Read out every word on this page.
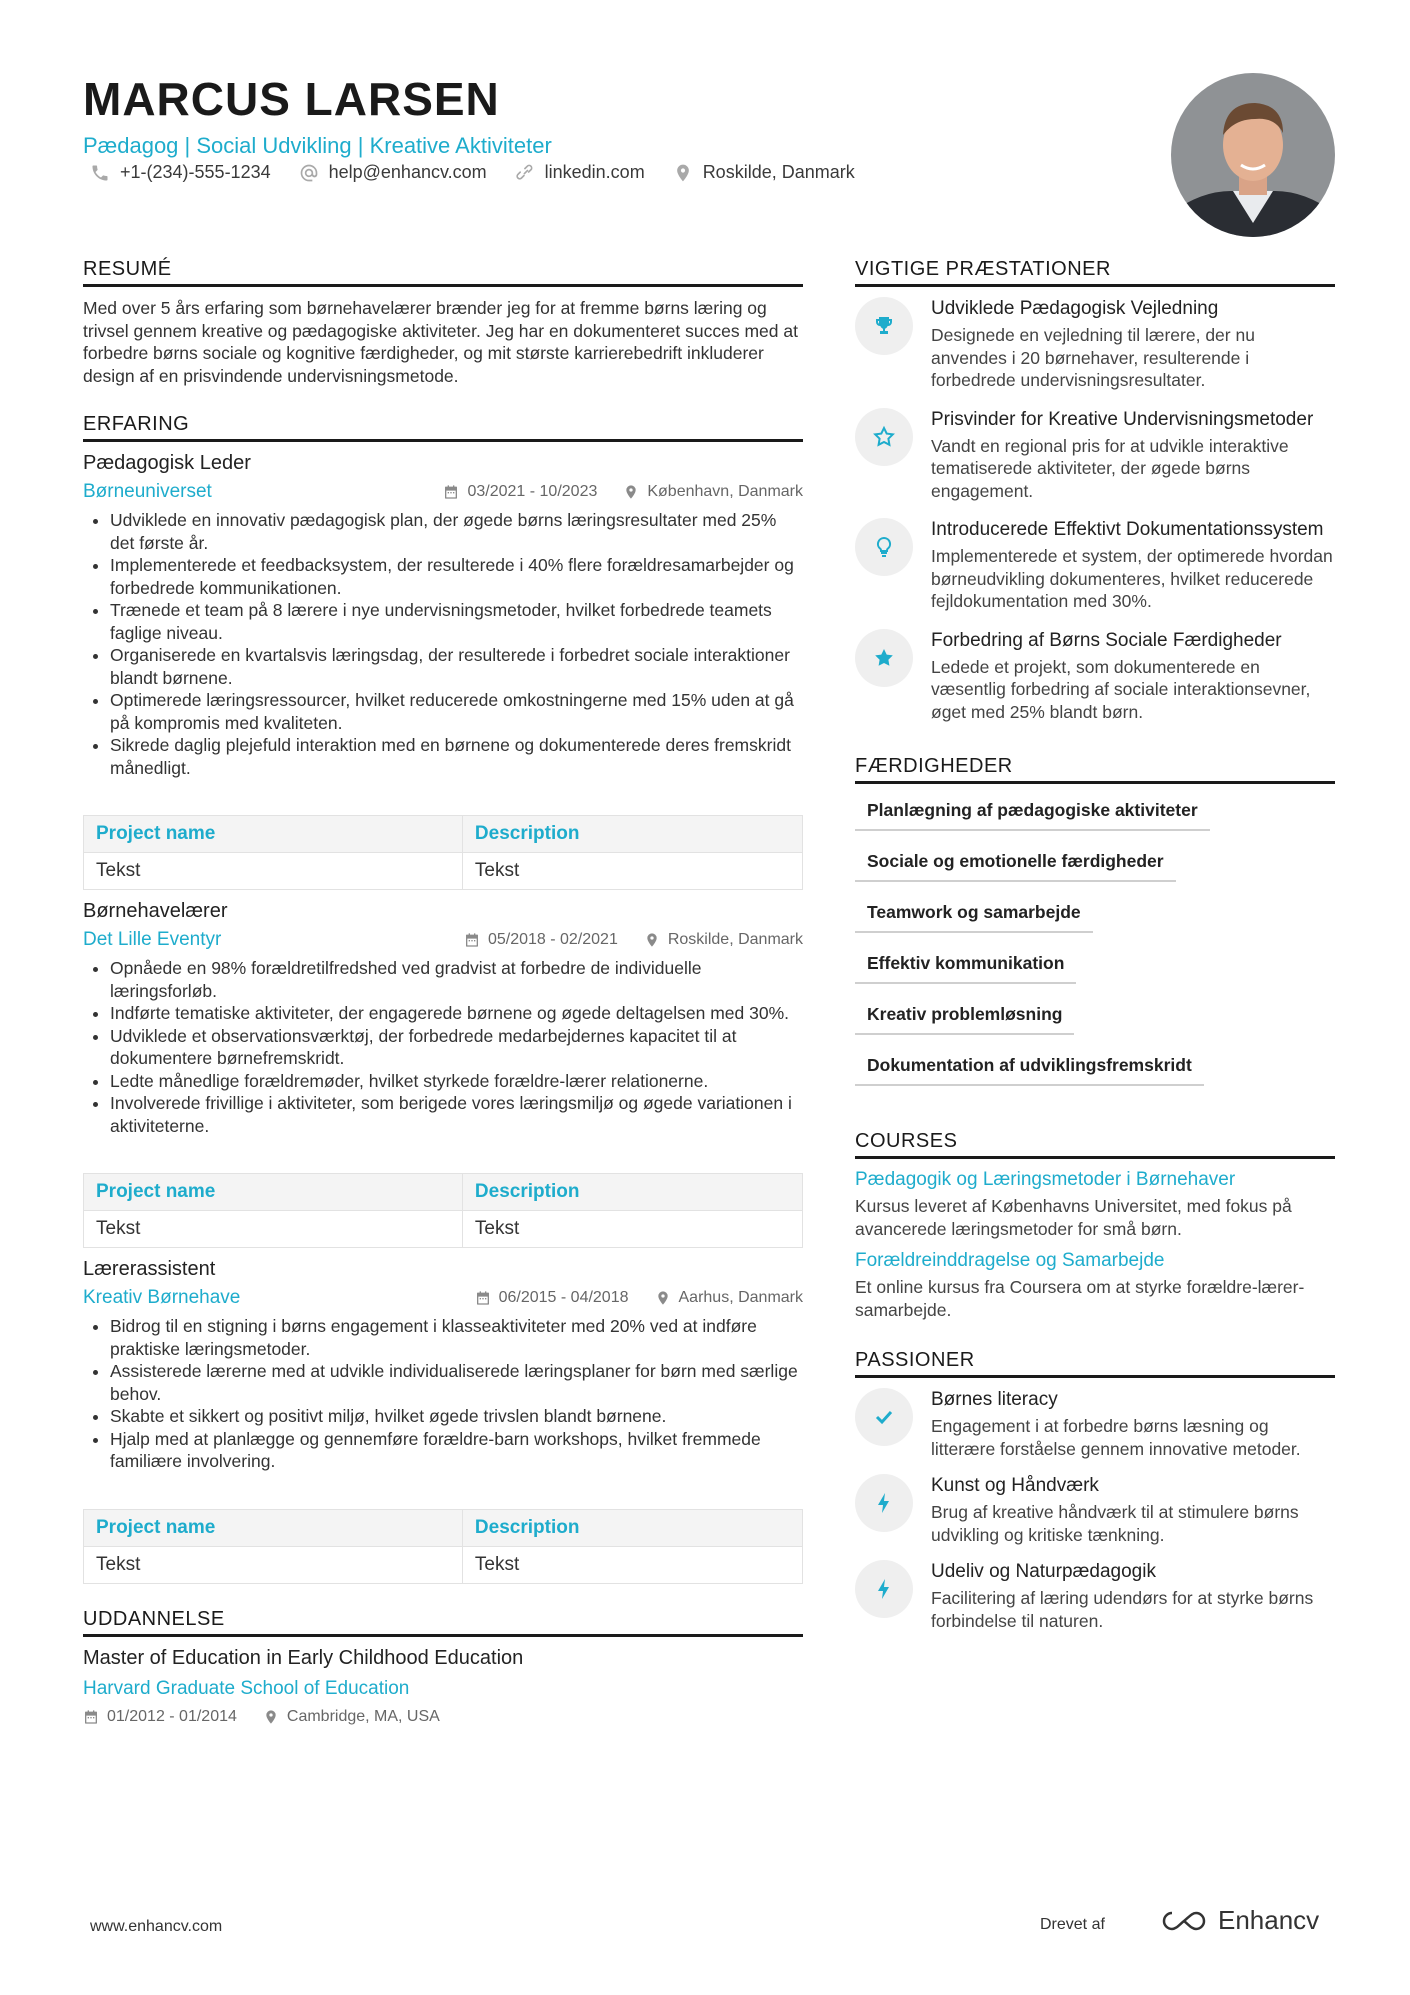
MARCUS LARSEN
Pædagog | Social Udvikling | Kreative Aktiviteter
+1-(234)-555-1234	help@enhancv.com	linkedin.com	Roskilde, Danmark
RESUMÉ
Med over 5 års erfaring som børnehavelærer brænder jeg for at fremme børns læring og trivsel gennem kreative og pædagogiske aktiviteter. Jeg har en dokumenteret succes med at forbedre børns sociale og kognitive færdigheder, og mit største karrierebedrift inkluderer design af en prisvindende undervisningsmetode.
ERFARING
Pædagogisk Leder
Børneuniverset	03/2021 - 10/2023	København, Danmark
• Udviklede en innovativ pædagogisk plan, der øgede børns læringsresultater med 25% det første år.
• Implementerede et feedbacksystem, der resulterede i 40% flere forældresamarbejder og forbedrede kommunikationen.
• Trænede et team på 8 lærere i nye undervisningsmetoder, hvilket forbedrede teamets faglige niveau.
• Organiserede en kvartalsvis læringsdag, der resulterede i forbedret sociale interaktioner blandt børnene.
• Optimerede læringsressourcer, hvilket reducerede omkostningerne med 15% uden at gå på kompromis med kvaliteten.
• Sikrede daglig plejefuld interaktion med en børnene og dokumenterede deres fremskridt månedligt.
Project name	Description
Tekst	Tekst
Børnehavelærer
Det Lille Eventyr	05/2018 - 02/2021	Roskilde, Danmark
• Opnåede en 98% forældretilfredshed ved gradvist at forbedre de individuelle læringsforløb.
• Indførte tematiske aktiviteter, der engagerede børnene og øgede deltagelsen med 30%.
• Udviklede et observationsværktøj, der forbedrede medarbejdernes kapacitet til at dokumentere børnefremskridt.
• Ledte månedlige forældremøder, hvilket styrkede forældre-lærer relationerne.
• Involverede frivillige i aktiviteter, som berigede vores læringsmiljø og øgede variationen i aktiviteterne.
Project name	Description
Tekst	Tekst
Lærerassistent
Kreativ Børnehave	06/2015 - 04/2018	Aarhus, Danmark
• Bidrog til en stigning i børns engagement i klasseaktiviteter med 20% ved at indføre praktiske læringsmetoder.
• Assisterede lærerne med at udvikle individualiserede læringsplaner for børn med særlige behov.
• Skabte et sikkert og positivt miljø, hvilket øgede trivslen blandt børnene.
• Hjalp med at planlægge og gennemføre forældre-barn workshops, hvilket fremmede familiære involvering.
Project name	Description
Tekst	Tekst
UDDANNELSE
Master of Education in Early Childhood Education
Harvard Graduate School of Education
01/2012 - 01/2014	Cambridge, MA, USA
VIGTIGE PRÆSTATIONER
Udviklede Pædagogisk Vejledning
Designede en vejledning til lærere, der nu anvendes i 20 børnehaver, resulterende i forbedrede undervisningsresultater.
Prisvinder for Kreative Undervisningsmetoder
Vandt en regional pris for at udvikle interaktive tematiserede aktiviteter, der øgede børns engagement.
Introducerede Effektivt Dokumentationssystem
Implementerede et system, der optimerede hvordan børneudvikling dokumenteres, hvilket reducerede fejldokumentation med 30%.
Forbedring af Børns Sociale Færdigheder
Ledede et projekt, som dokumenterede en væsentlig forbedring af sociale interaktionsevner, øget med 25% blandt børn.
FÆRDIGHEDER
Planlægning af pædagogiske aktiviteter
Sociale og emotionelle færdigheder
Teamwork og samarbejde
Effektiv kommunikation
Kreativ problemløsning
Dokumentation af udviklingsfremskridt
COURSES
Pædagogik og Læringsmetoder i Børnehaver
Kursus leveret af Københavns Universitet, med fokus på avancerede læringsmetoder for små børn.
Forældreinddragelse og Samarbejde
Et online kursus fra Coursera om at styrke forældre-lærer-samarbejde.
PASSIONER
Børnes literacy
Engagement i at forbedre børns læsning og litterære forståelse gennem innovative metoder.
Kunst og Håndværk
Brug af kreative håndværk til at stimulere børns udvikling og kritiske tænkning.
Udeliv og Naturpædagogik
Facilitering af læring udendørs for at styrke børns forbindelse til naturen.
www.enhancv.com	Drevet af	Enhancv
